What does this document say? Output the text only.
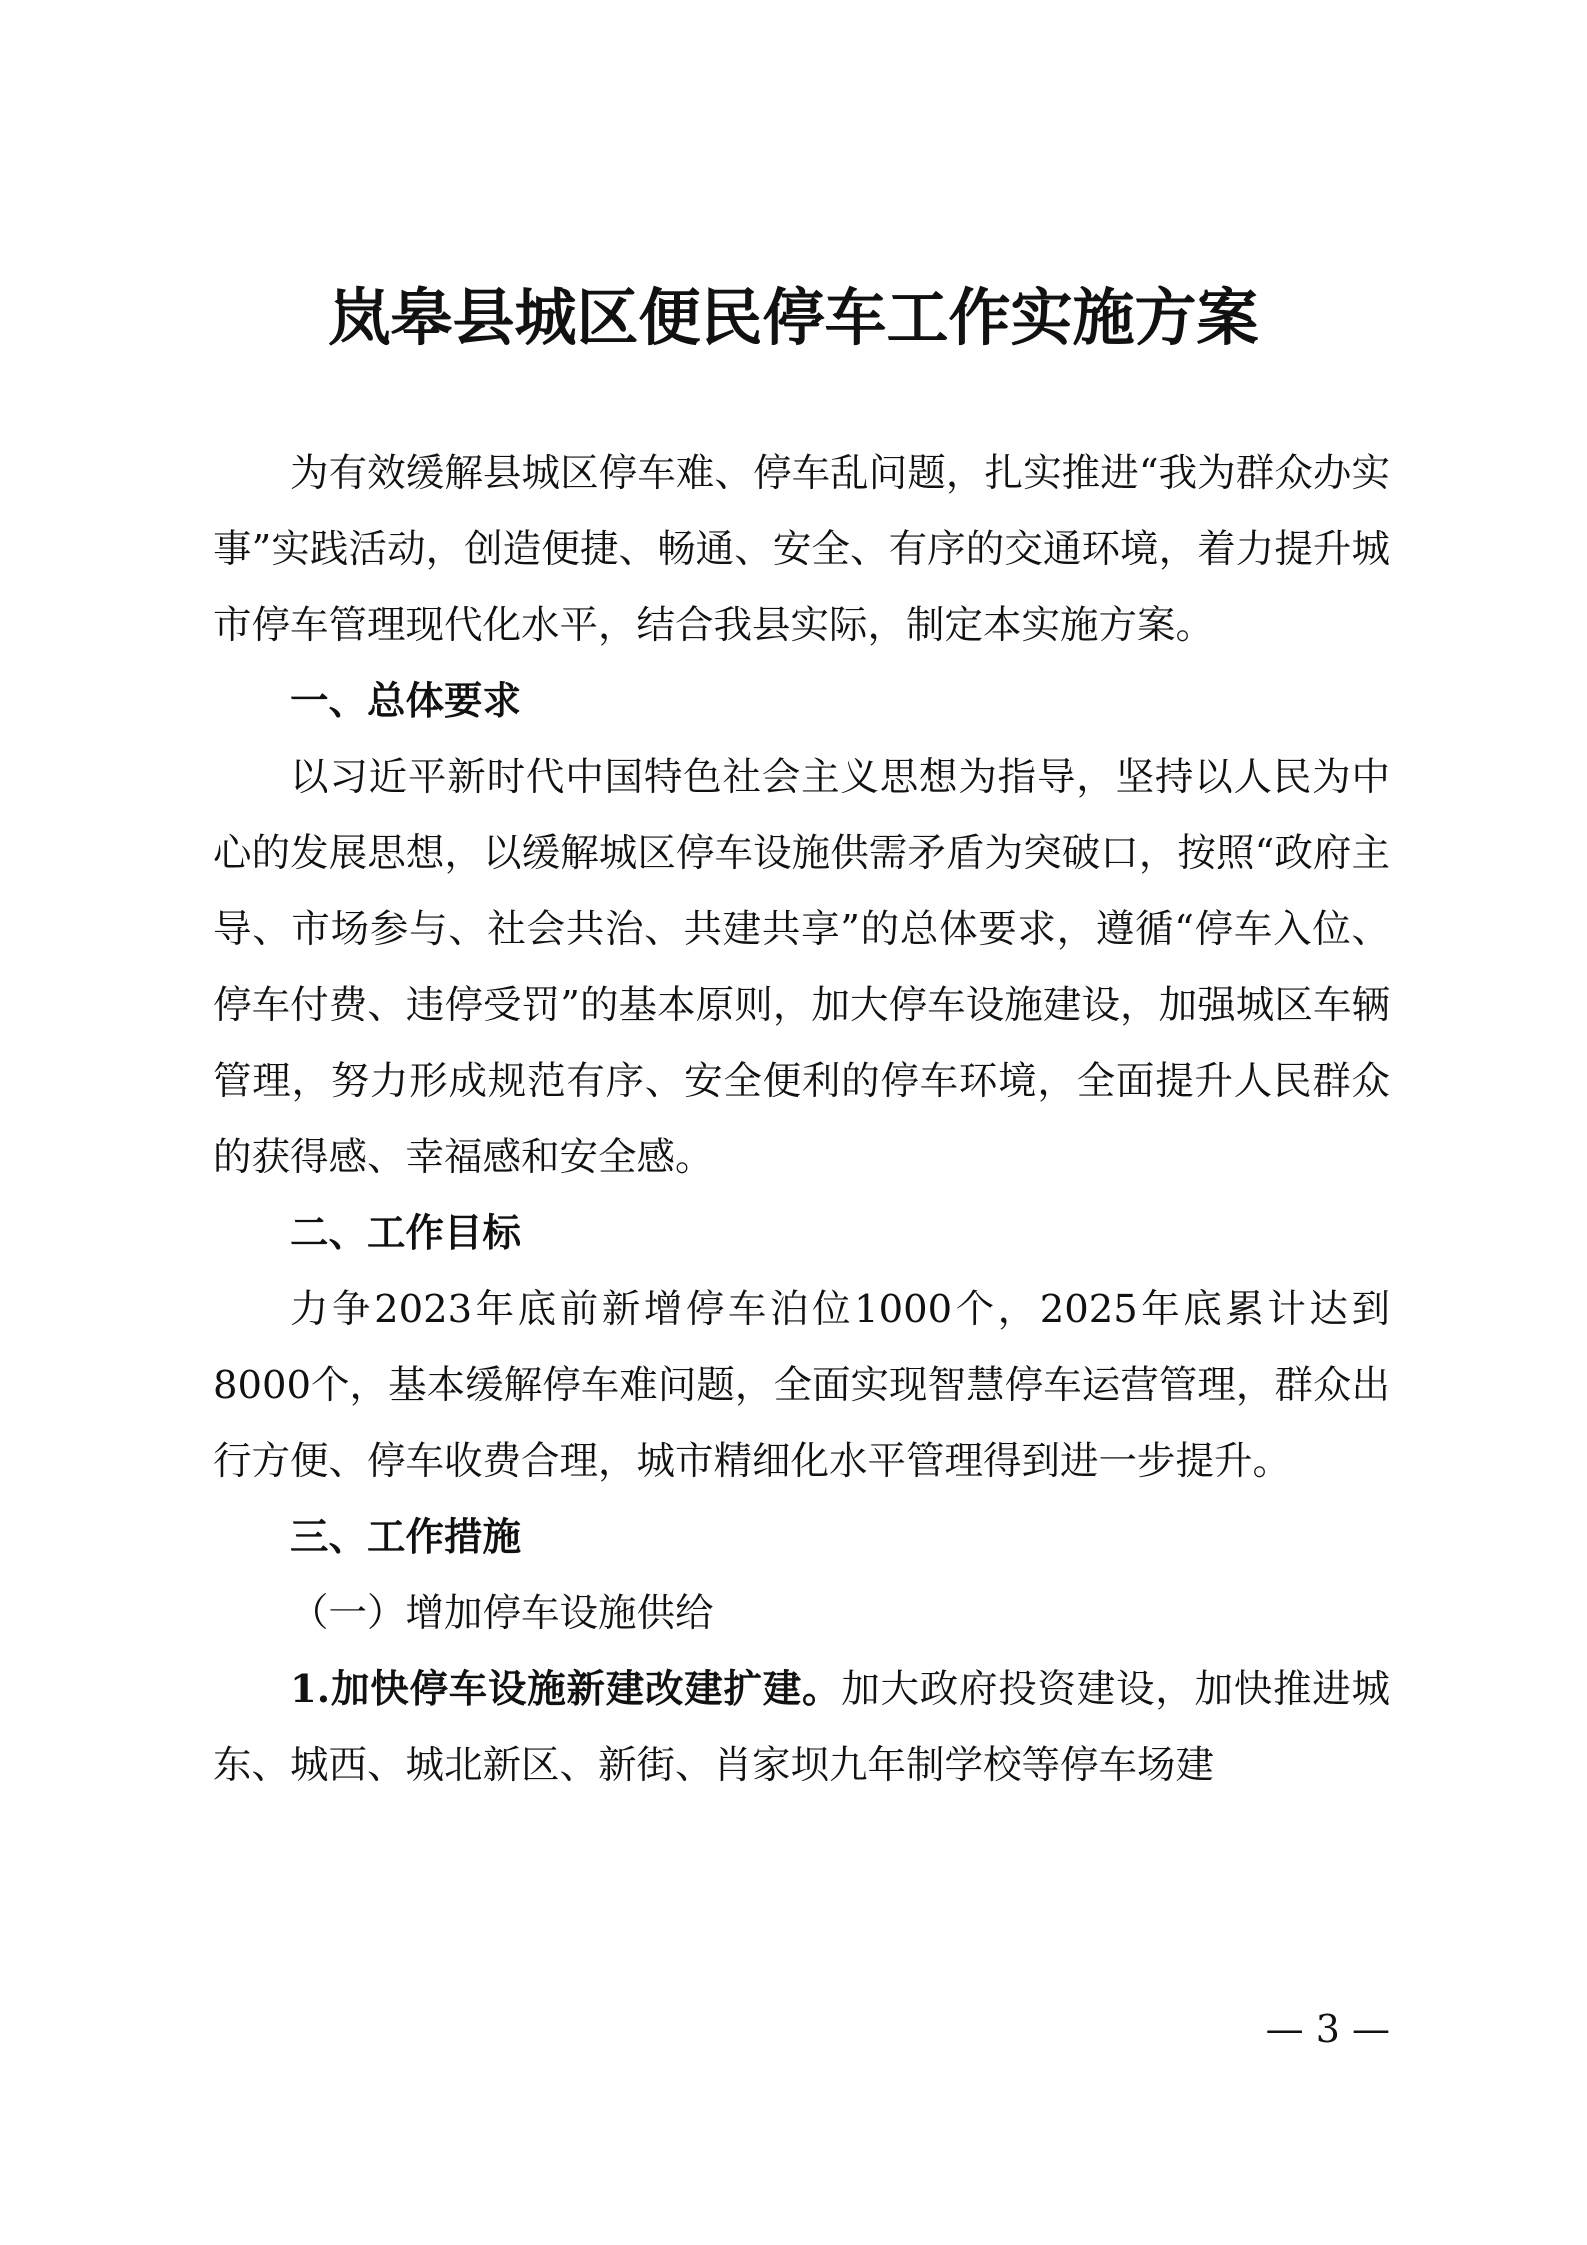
岚皋县城区便民停车工作实施方案

为有效缓解县城区停车难、停车乱问题，扎实推进“我为群众办实事”实践活动，创造便捷、畅通、安全、有序的交通环境，着力提升城市停车管理现代化水平，结合我县实际，制定本实施方案。

一、总体要求

以习近平新时代中国特色社会主义思想为指导，坚持以人民为中心的发展思想，以缓解城区停车设施供需矛盾为突破口，按照“政府主导、市场参与、社会共治、共建共享”的总体要求，遵循“停车入位、停车付费、违停受罚”的基本原则，加大停车设施建设，加强城区车辆管理，努力形成规范有序、安全便利的停车环境，全面提升人民群众的获得感、幸福感和安全感。

二、工作目标

力争2023年底前新增停车泊位1000个，2025年底累计达到8000个，基本缓解停车难问题，全面实现智慧停车运营管理，群众出行方便、停车收费合理，城市精细化水平管理得到进一步提升。

三、工作措施

（一）增加停车设施供给

1.加快停车设施新建改建扩建。加大政府投资建设，加快推进城东、城西、城北新区、新街、肖家坝九年制学校等停车场建

— 3 —
